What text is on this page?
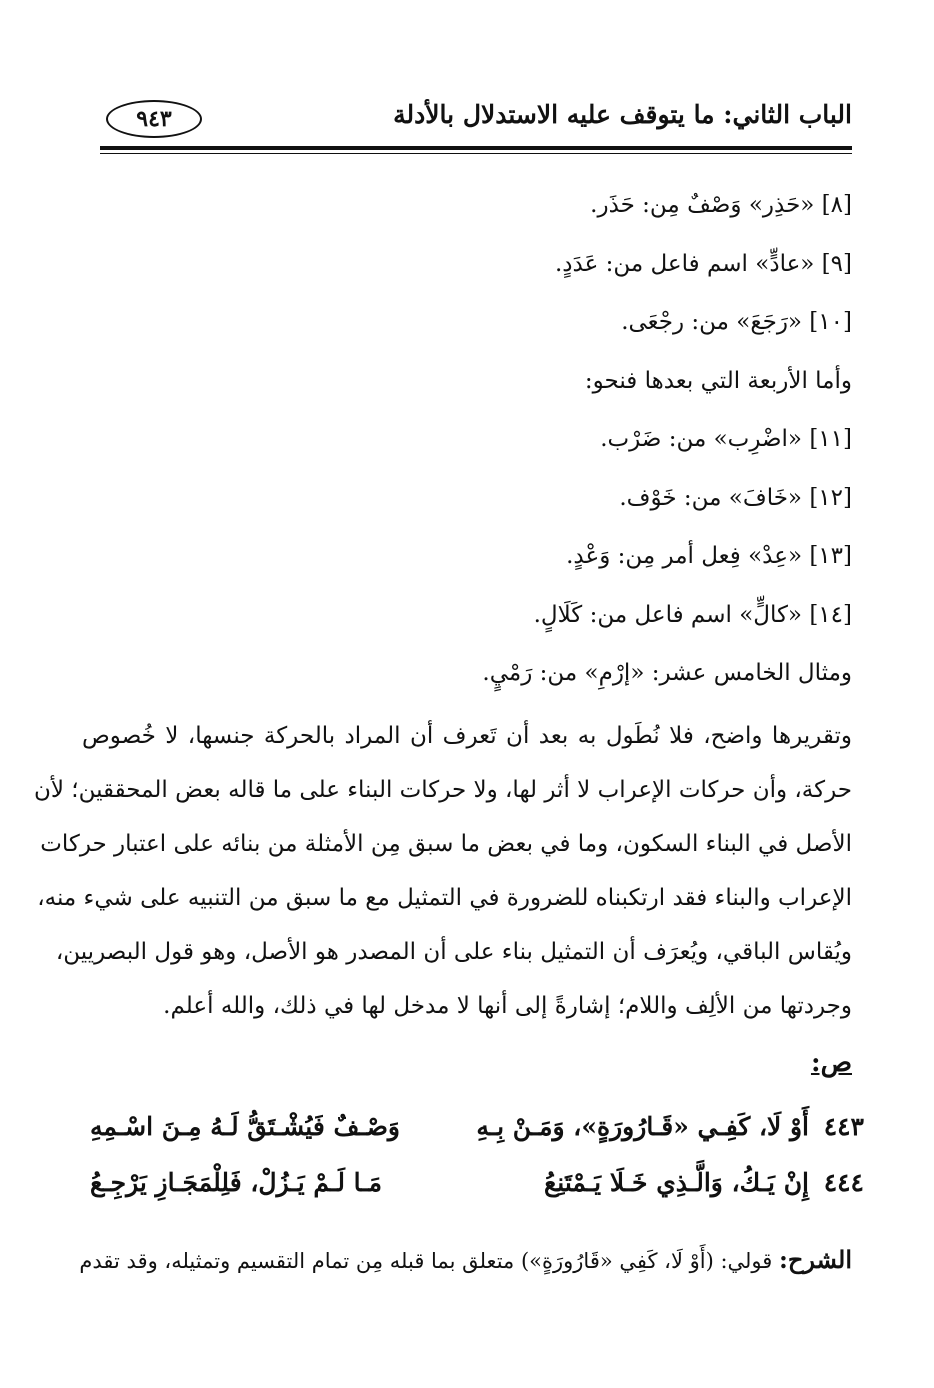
الباب الثاني: ما يتوقف عليه الاستدلال بالأدلة
٩٤٣
[٨] «حَذِر» وَصْفٌ مِن: حَذَر.
[٩] «عادٍّ» اسم فاعل من: عَدَدٍ.
[١٠] «رَجَعَ» من: رجْعَى.
وأما الأربعة التي بعدها فنحو:
[١١] «اضْرِب» من: ضَرْب.
[١٢] «خَافَ» من: خَوْف.
[١٣] «عِدْ» فِعل أمر مِن: وَعْدٍ.
[١٤] «كالٍّ» اسم فاعل من: كَلَالٍ.
ومثال الخامس عشر: «إرْمِ» من: رَمْيٍ.
وتقريرها واضح، فلا نُطَول به بعد أن تَعرف أن المراد بالحركة جنسها، لا خُصوص
حركة، وأن حركات الإعراب لا أثر لها، ولا حركات البناء على ما قاله بعض المحققين؛ لأن
الأصل في البناء السكون، وما في بعض ما سبق مِن الأمثلة من بنائه على اعتبار حركات
الإعراب والبناء فقد ارتكبناه للضرورة في التمثيل مع ما سبق من التنبيه على شيء منه،
ويُقاس الباقي، ويُعرَف أن التمثيل بناء على أن المصدر هو الأصل، وهو قول البصريين،
وجردتها من الألِف واللام؛ إشارةً إلى أنها لا مدخل لها في ذلك، والله أعلم.
ص:
٤٤٣
أَوْ لَا، كَفِـي «قَـارُورَةٍ»، وَمَـنْ بِـهِ
وَصْـفٌ فَيُشْـتَقُّ لَـهُ مِـنَ اسْـمِهِ
٤٤٤
إِنْ يَـكُ، وَالَّـذِي خَـلَا يَـمْتَنِعُ
مَـا لَـمْ يَـزُلْ، فَلِلْمَجَـازِ يَرْجِـعُ
الشرح: قولي: (أَوْ لَا، كَفِي «قَارُورَةٍ») متعلق بما قبله مِن تمام التقسيم وتمثيله، وقد تقدم
